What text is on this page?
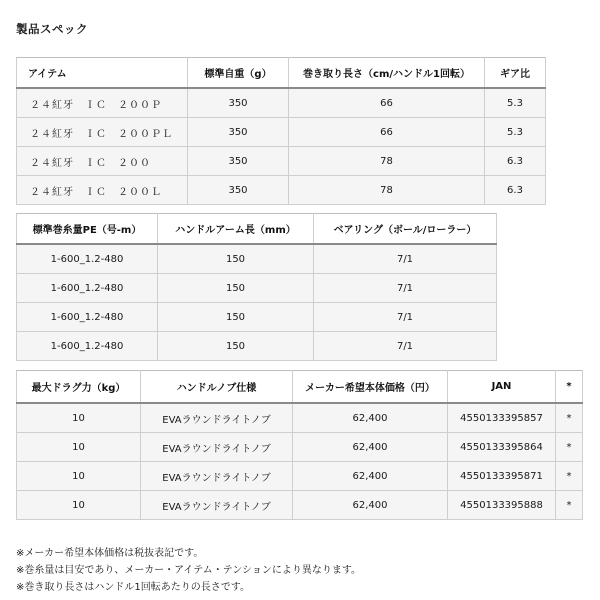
製品スペック
アイテム	標準自重（g）	巻き取り長さ（cm/ハンドル1回転）	ギア比
２４紅牙　ＩＣ　２００Ｐ	350	66	5.3
２４紅牙　ＩＣ　２００ＰＬ	350	66	5.3
２４紅牙　ＩＣ　２００	350	78	6.3
２４紅牙　ＩＣ　２００Ｌ	350	78	6.3
標準巻糸量PE（号-m）	ハンドルアーム長（mm）	ベアリング（ボール/ローラー）
1-600_1.2-480	150	7/1
1-600_1.2-480	150	7/1
1-600_1.2-480	150	7/1
1-600_1.2-480	150	7/1
最大ドラグ力（kg）	ハンドルノブ仕様	メーカー希望本体価格（円）	JAN	*
10	EVAラウンドライトノブ	62,400	4550133395857	*
10	EVAラウンドライトノブ	62,400	4550133395864	*
10	EVAラウンドライトノブ	62,400	4550133395871	*
10	EVAラウンドライトノブ	62,400	4550133395888	*
※メーカー希望本体価格は税抜表記です。
※巻糸量は目安であり、メーカー・アイテム・テンションにより異なります。
※巻き取り長さはハンドル1回転あたりの長さです。
